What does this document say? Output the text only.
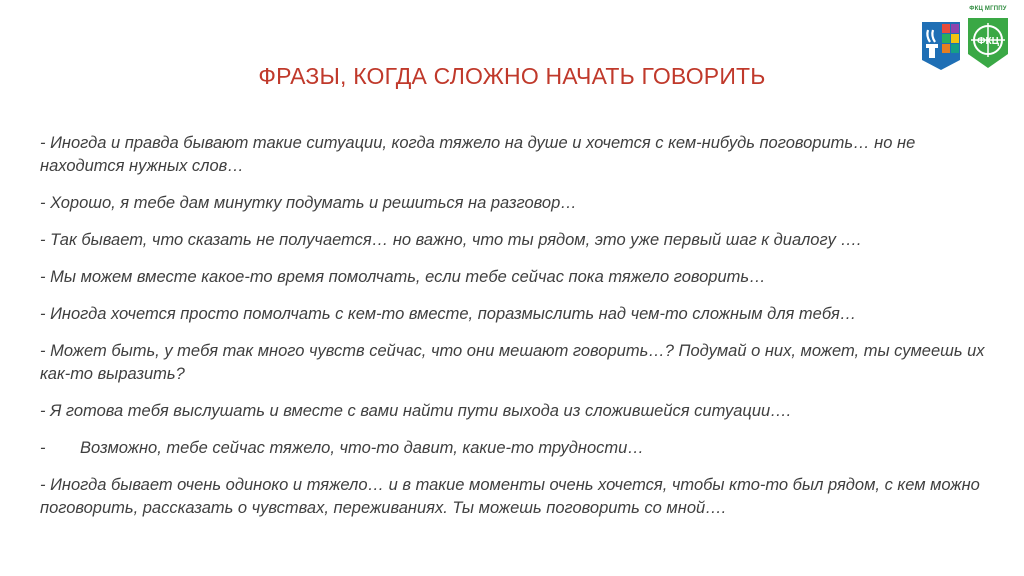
ФКЦ МГППУ
ФКЦ
ФРАЗЫ, КОГДА СЛОЖНО НАЧАТЬ ГОВОРИТЬ
- Иногда и правда бывают такие ситуации, когда тяжело на душе и хочется с кем-нибудь поговорить… но не находится нужных слов…
- Хорошо, я тебе дам минутку подумать и решиться на разговор…
- Так бывает, что сказать не получается… но важно, что ты рядом, это уже первый шаг к диалогу ….
- Мы можем вместе какое-то время помолчать, если тебе сейчас пока тяжело говорить…
- Иногда хочется просто помолчать с кем-то вместе, поразмыслить над чем-то сложным для тебя…
- Может быть, у тебя так много чувств сейчас, что они мешают говорить…? Подумай о них, может, ты сумеешь их как-то выразить?
- Я готова тебя выслушать и вместе с вами найти пути выхода из сложившейся ситуации….
- Возможно, тебе сейчас тяжело, что-то давит, какие-то трудности…
- Иногда бывает очень одиноко и тяжело… и в такие моменты очень хочется, чтобы кто-то был рядом, с кем можно поговорить, рассказать о чувствах, переживаниях. Ты можешь поговорить со мной….
